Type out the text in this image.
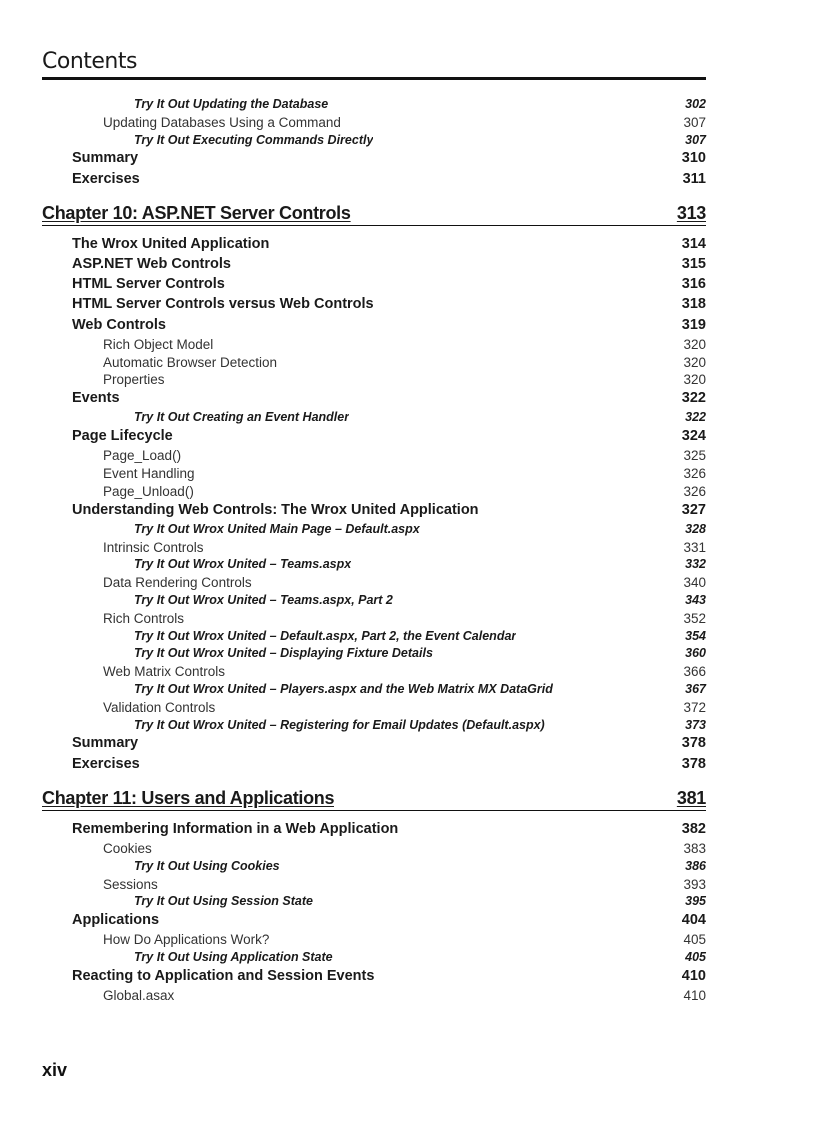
Contents
Try It Out Updating the Database	302
Updating Databases Using a Command	307
Try It Out Executing Commands Directly	307
Summary	310
Exercises	311
Chapter 10: ASP.NET Server Controls	313
The Wrox United Application	314
ASP.NET Web Controls	315
HTML Server Controls	316
HTML Server Controls versus Web Controls	318
Web Controls	319
Rich Object Model	320
Automatic Browser Detection	320
Properties	320
Events	322
Try It Out Creating an Event Handler	322
Page Lifecycle	324
Page_Load()	325
Event Handling	326
Page_Unload()	326
Understanding Web Controls: The Wrox United Application	327
Try It Out Wrox United Main Page – Default.aspx	328
Intrinsic Controls	331
Try It Out Wrox United – Teams.aspx	332
Data Rendering Controls	340
Try It Out Wrox United – Teams.aspx, Part 2	343
Rich Controls	352
Try It Out Wrox United – Default.aspx, Part 2, the Event Calendar	354
Try It Out Wrox United – Displaying Fixture Details	360
Web Matrix Controls	366
Try It Out Wrox United – Players.aspx and the Web Matrix MX DataGrid	367
Validation Controls	372
Try It Out Wrox United – Registering for Email Updates (Default.aspx)	373
Summary	378
Exercises	378
Chapter 11: Users and Applications	381
Remembering Information in a Web Application	382
Cookies	383
Try It Out Using Cookies	386
Sessions	393
Try It Out Using Session State	395
Applications	404
How Do Applications Work?	405
Try It Out Using Application State	405
Reacting to Application and Session Events	410
Global.asax	410
xiv
